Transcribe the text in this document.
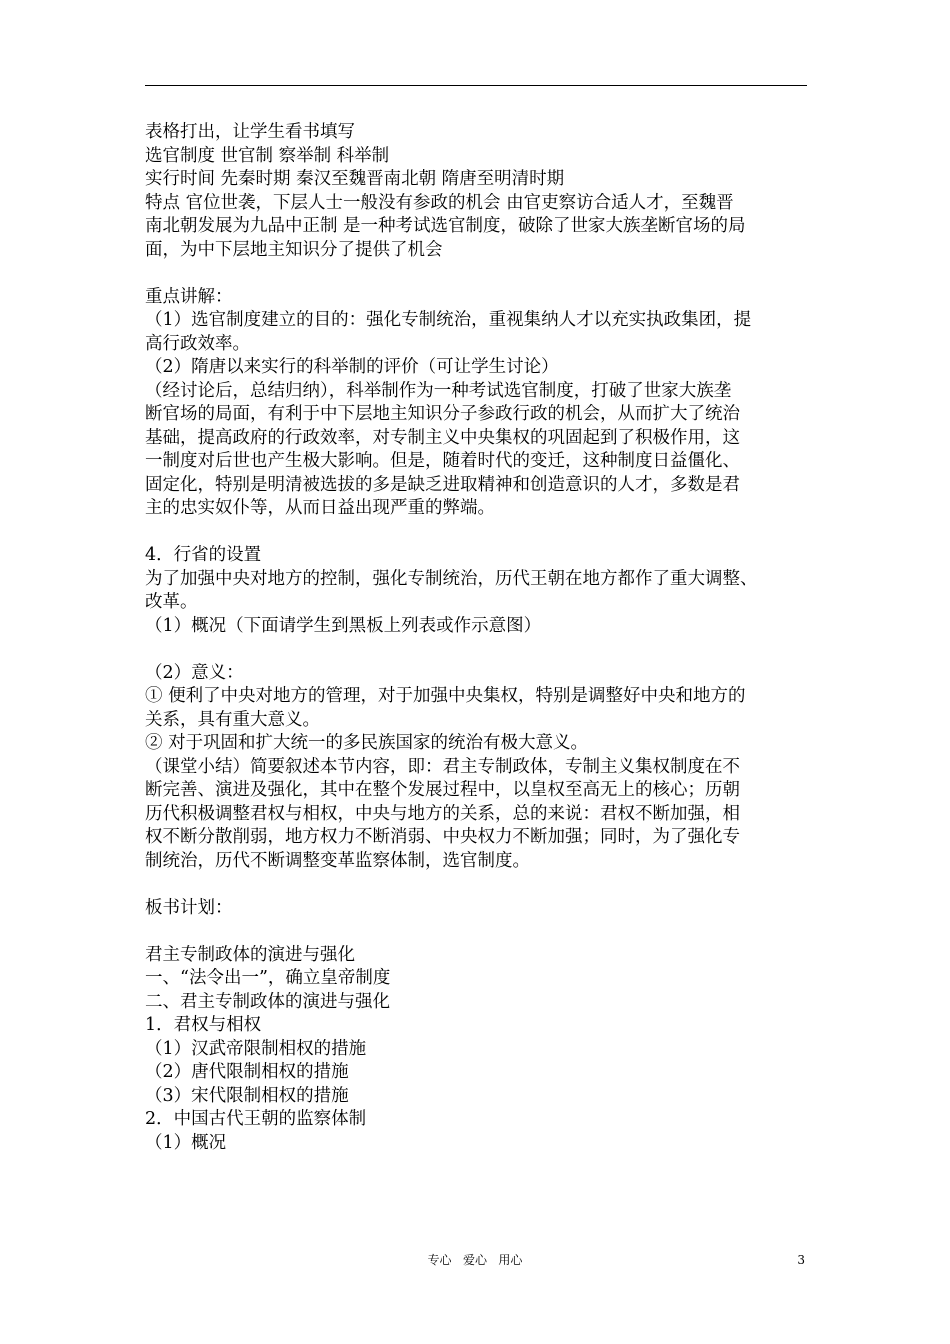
表格打出，让学生看书填写
选官制度 世官制 察举制 科举制
实行时间 先秦时期 秦汉至魏晋南北朝 隋唐至明清时期
特点 官位世袭，下层人士一般没有参政的机会 由官吏察访合适人才，至魏晋
南北朝发展为九品中正制 是一种考试选官制度，破除了世家大族垄断官场的局
面，为中下层地主知识分了提供了机会
重点讲解：
（1）选官制度建立的目的：强化专制统治，重视集纳人才以充实执政集团，提
高行政效率。
（2）隋唐以来实行的科举制的评价（可让学生讨论）
（经讨论后，总结归纳），科举制作为一种考试选官制度，打破了世家大族垄
断官场的局面，有利于中下层地主知识分子参政行政的机会，从而扩大了统治
基础，提高政府的行政效率，对专制主义中央集权的巩固起到了积极作用，这
一制度对后世也产生极大影响。但是，随着时代的变迁，这种制度日益僵化、
固定化，特别是明清被选拔的多是缺乏进取精神和创造意识的人才，多数是君
主的忠实奴仆等，从而日益出现严重的弊端。
4．行省的设置
为了加强中央对地方的控制，强化专制统治，历代王朝在地方都作了重大调整、
改革。
（1）概况（下面请学生到黑板上列表或作示意图）
（2）意义：
① 便利了中央对地方的管理，对于加强中央集权，特别是调整好中央和地方的
关系，具有重大意义。
② 对于巩固和扩大统一的多民族国家的统治有极大意义。
（课堂小结）简要叙述本节内容，即：君主专制政体，专制主义集权制度在不
断完善、演进及强化，其中在整个发展过程中，以皇权至高无上的核心；历朝
历代积极调整君权与相权，中央与地方的关系，总的来说：君权不断加强，相
权不断分散削弱，地方权力不断消弱、中央权力不断加强；同时，为了强化专
制统治，历代不断调整变革监察体制，选官制度。
板书计划：
君主专制政体的演进与强化
一、“法令出一”，确立皇帝制度
二、君主专制政体的演进与强化
1．君权与相权
（1）汉武帝限制相权的措施
（2）唐代限制相权的措施
（3）宋代限制相权的措施
2．中国古代王朝的监察体制
（1）概况
专心   爱心   用心	3
